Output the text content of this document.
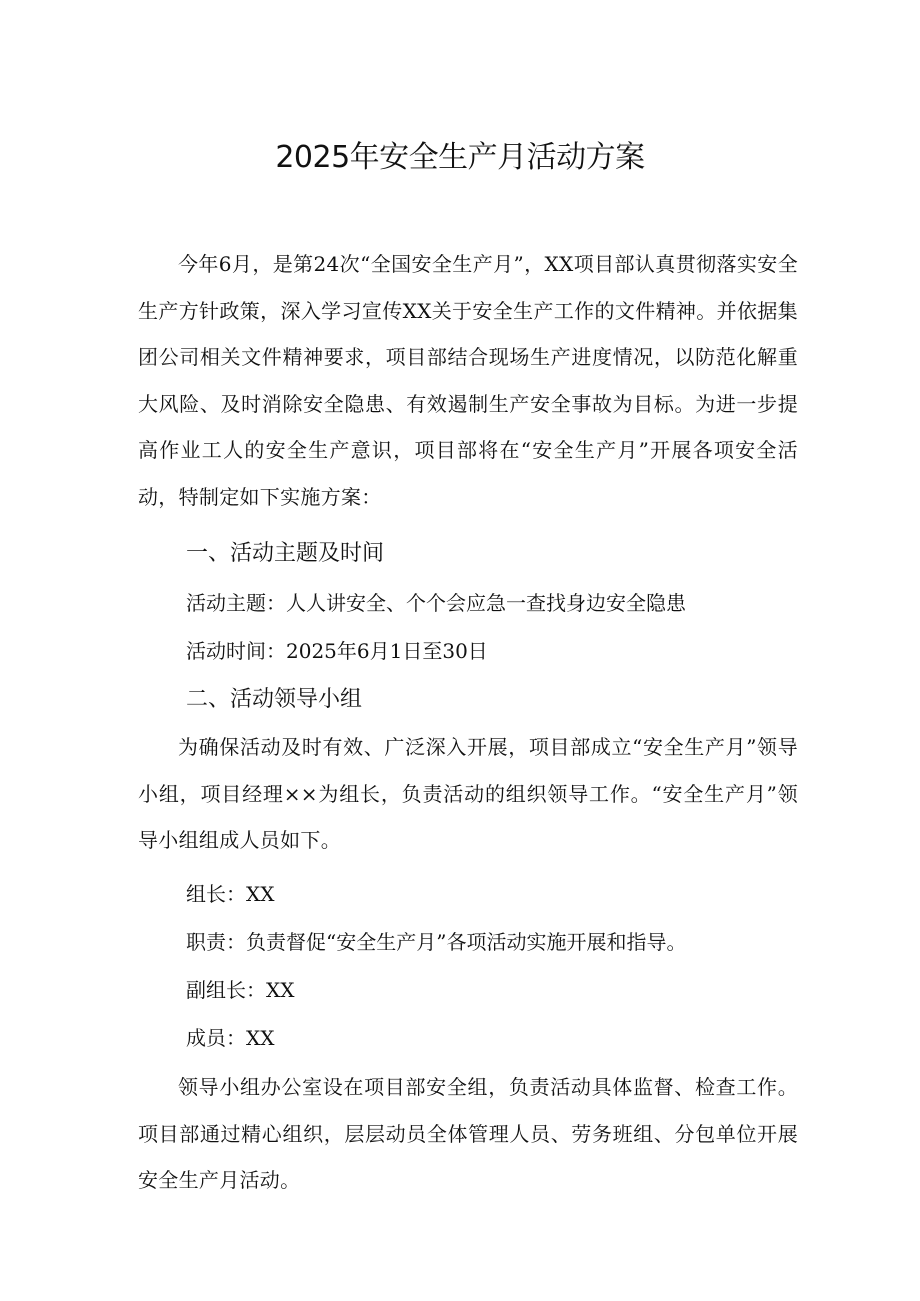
2025年安全生产月活动方案

今年6月，是第24次“全国安全生产月”，XX项目部认真贯彻落实安全生产方针政策，深入学习宣传XX关于安全生产工作的文件精神。并依据集团公司相关文件精神要求，项目部结合现场生产进度情况，以防范化解重大风险、及时消除安全隐患、有效遏制生产安全事故为目标。为进一步提高作业工人的安全生产意识，项目部将在“安全生产月”开展各项安全活动，特制定如下实施方案：

一、活动主题及时间
活动主题：人人讲安全、个个会应急一查找身边安全隐患
活动时间：2025年6月1日至30日
二、活动领导小组

为确保活动及时有效、广泛深入开展，项目部成立“安全生产月”领导小组，项目经理××为组长，负责活动的组织领导工作。“安全生产月”领导小组组成人员如下。

组长：XX
职责：负责督促“安全生产月”各项活动实施开展和指导。
副组长：XX
成员：XX

领导小组办公室设在项目部安全组，负责活动具体监督、检查工作。项目部通过精心组织，层层动员全体管理人员、劳务班组、分包单位开展安全生产月活动。
